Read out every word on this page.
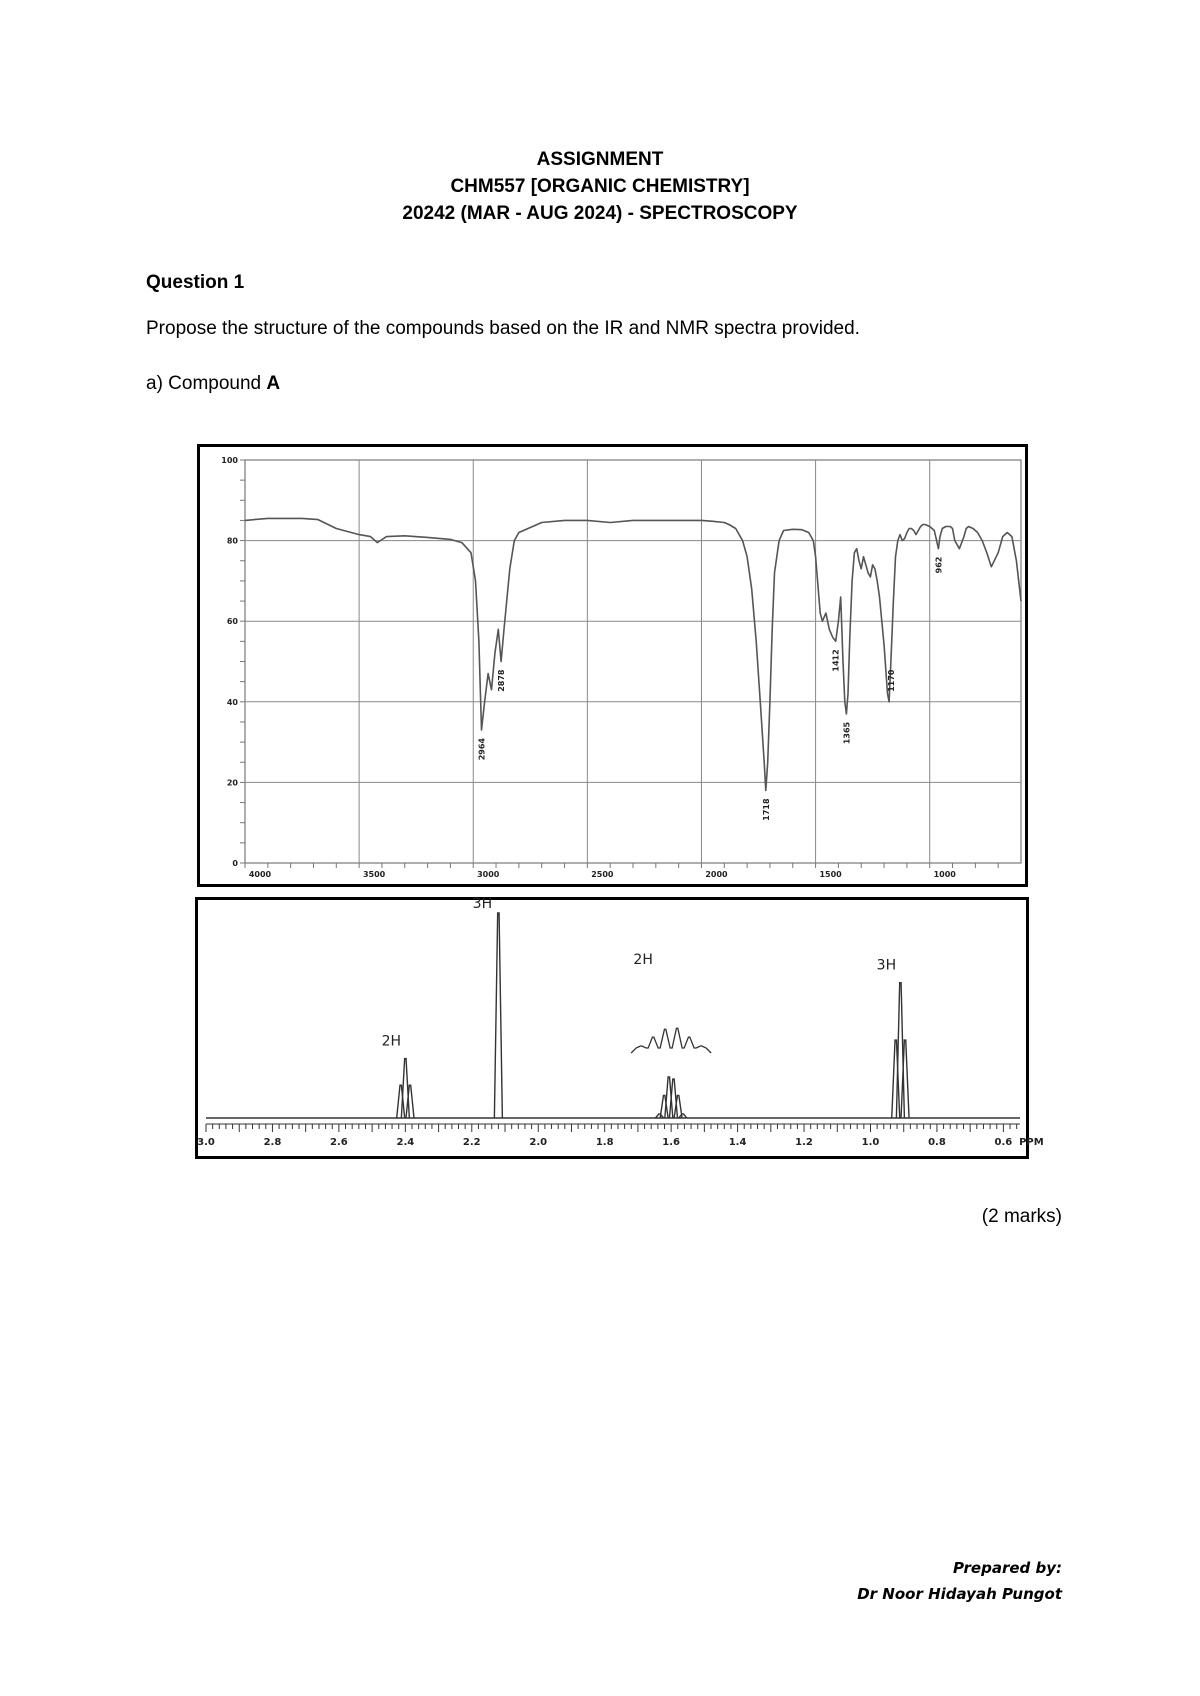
ASSIGNMENT
CHM557 [ORGANIC CHEMISTRY]
20242 (MAR - AUG 2024) - SPECTROSCOPY
Question 1
Propose the structure of the compounds based on the IR and NMR spectra provided.
a) Compound A
100
80
60
40
20
0
4000	3500	3000	2500	2000	1500	1000
2964
2878
1718
1412
1365
1170
962
3.0	2.8	2.6	2.4	2.2	2.0	1.8	1.6	1.4	1.2	1.0	0.8	0.6 PPM
2H
3H
2H	3H
(2 marks)
Prepared by:
Dr Noor Hidayah Pungot
